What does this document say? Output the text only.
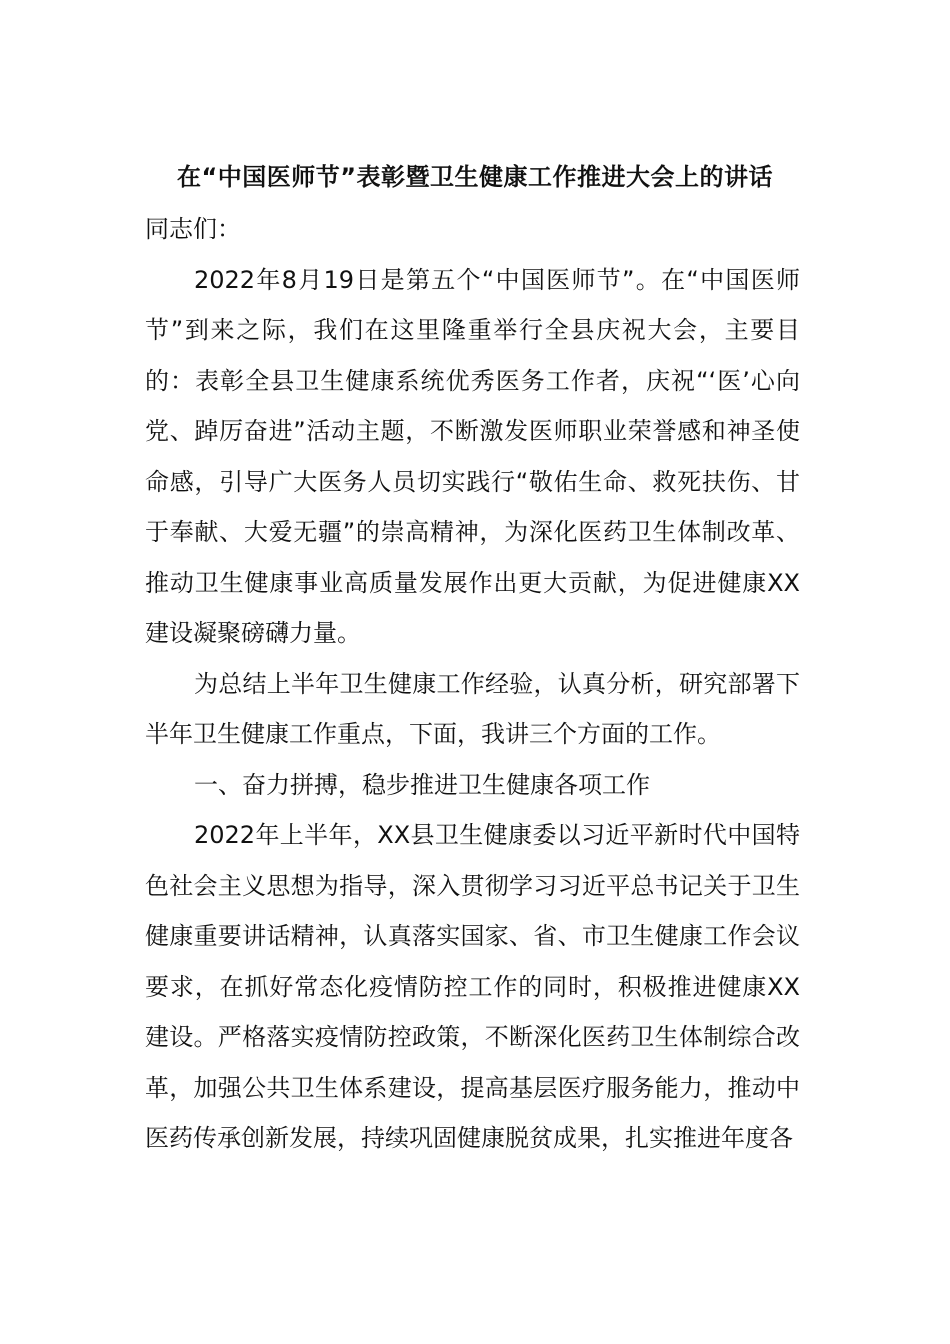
在“中国医师节”表彰暨卫生健康工作推进大会上的讲话

同志们：

2022年8月19日是第五个“中国医师节”。在“中国医师节”到来之际，我们在这里隆重举行全县庆祝大会，主要目的：表彰全县卫生健康系统优秀医务工作者，庆祝“‘医’心向党、踔厉奋进”活动主题，不断激发医师职业荣誉感和神圣使命感，引导广大医务人员切实践行“敬佑生命、救死扶伤、甘于奉献、大爱无疆”的崇高精神，为深化医药卫生体制改革、推动卫生健康事业高质量发展作出更大贡献，为促进健康XX建设凝聚磅礴力量。

为总结上半年卫生健康工作经验，认真分析，研究部署下半年卫生健康工作重点，下面，我讲三个方面的工作。

一、奋力拼搏，稳步推进卫生健康各项工作

2022年上半年，XX县卫生健康委以习近平新时代中国特色社会主义思想为指导，深入贯彻学习习近平总书记关于卫生健康重要讲话精神，认真落实国家、省、市卫生健康工作会议要求，在抓好常态化疫情防控工作的同时，积极推进健康XX建设。严格落实疫情防控政策，不断深化医药卫生体制综合改革，加强公共卫生体系建设，提高基层医疗服务能力，推动中医药传承创新发展，持续巩固健康脱贫成果，扎实推进年度各
